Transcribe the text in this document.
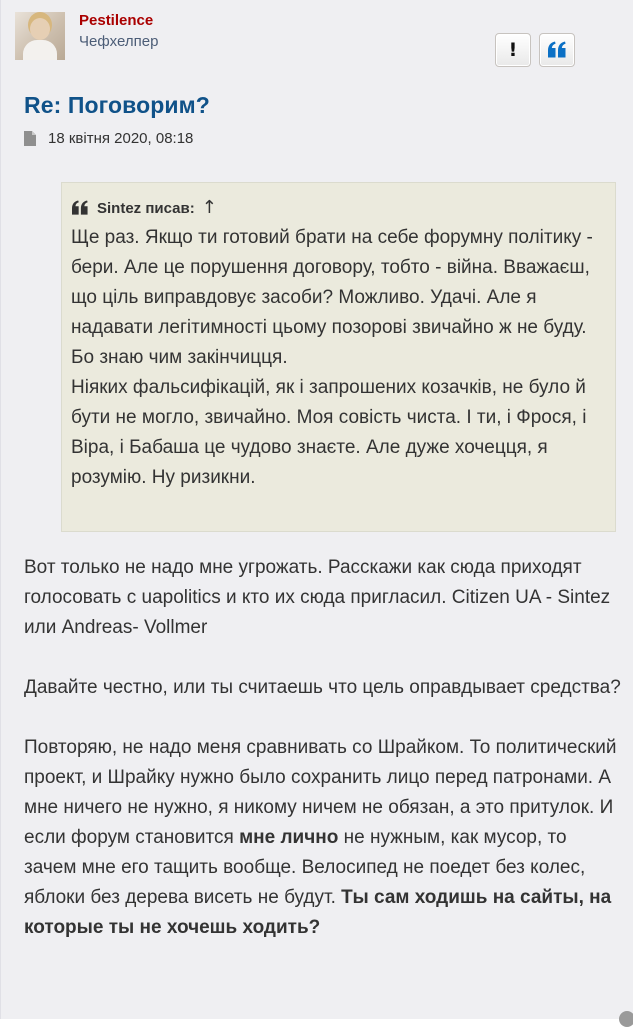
Pestilence
Чефхелпер	!
Re: Поговорим?
18 квітня 2020, 08:18
Sintez писав: ↑

Ще раз. Якщо ти готовий брати на себе форумну політику - бери. Але це порушення договору, тобто - війна. Вважаєш, що ціль виправдовує засоби? Можливо. Удачі. Але я надавати легітимності цьому позорові звичайно ж не буду. Бо знаю чим закінчицця.

Ніяких фальсифікацій, як і запрошених козачків, не було й бути не могло, звичайно. Моя совість чиста. І ти, і Фрося, і Віра, і Бабаша це чудово знаєте. Але дуже хочецця, я розумію. Ну ризикни.

Вот только не надо мне угрожать. Расскажи как сюда приходят голосовать с uapolitics и кто их сюда пригласил. Citizen UA - Sintez или Andreas- Vollmer

Давайте честно, или ты считаешь что цель оправдывает средства?

Повторяю, не надо меня сравнивать со Шрайком. То политический проект, и Шрайку нужно было сохранить лицо перед патронами. А мне ничего не нужно, я никому ничем не обязан, а это притулок. И если форум становится мне лично не нужным, как мусор, то зачем мне его тащить вообще. Велосипед не поедет без колес, яблоки без дерева висеть не будут. Ты сам ходишь на сайты, на которые ты не хочешь ходить?
